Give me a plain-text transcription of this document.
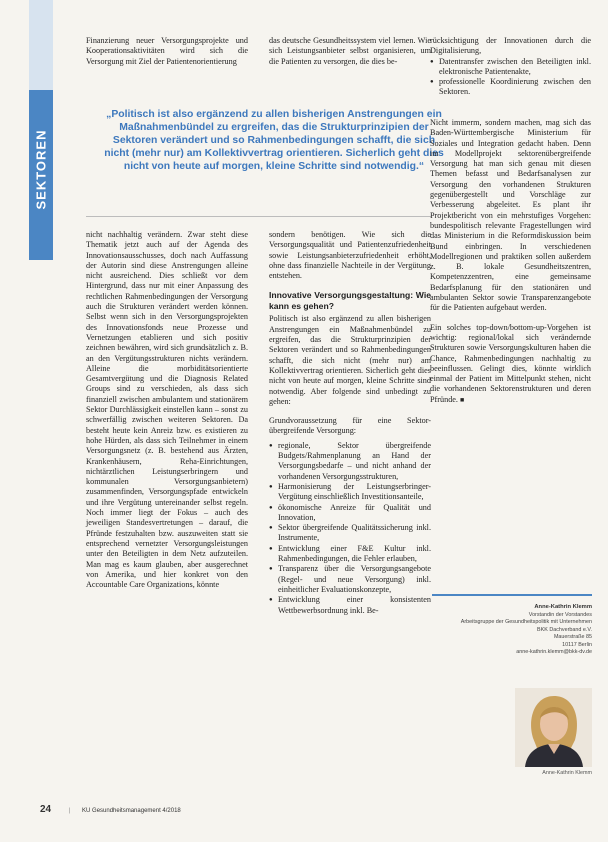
SEKTOREN

Finanzierung neuer Versorgungsprojekte und Kooperationsaktivitäten wird sich die Versorgung mit Ziel der Patientenorientierung

das deutsche Gesundheitssystem viel lernen. Wie sich Leistungsanbieter selbst organisieren, um die Patienten zu versorgen, die dies be-

rücksichtigung der Innovationen durch die Digitalisierung,

● Datentransfer zwischen den Beteiligten inkl. elektronische Patientenakte,
● professionelle Koordinierung zwischen den Sektoren.
„Politisch ist also ergänzend zu allen bisherigen Anstrengungen ein Maßnahmenbündel zu ergreifen, das die Strukturprinzipien der Sektoren verändert und so Rahmenbedingungen schafft, die sich nicht (mehr nur) am Kollektivvertrag orientieren. Sicherlich geht dies nicht von heute auf morgen, kleine Schritte sind notwendig.“

nicht nachhaltig verändern. Zwar steht diese Thematik jetzt auch auf der Agenda des Innovationsausschusses, doch nach Auffassung der Autorin sind diese Anstrengungen alleine nicht ausreichend. Dies schließt vor dem Hintergrund, dass nur mit einer Anpassung des rechtlichen Rahmenbedingungen der Versorgung auch die Strukturen verändert werden können. Selbst wenn sich in den Versorgungsprojekten des Innovationsfonds neue Prozesse und Vernetzungen etablieren und sich positiv zeichnen bewähren, wird sich grundsätzlich z. B. an den Vergütungsstrukturen nichts verändern. Alleine die morbiditätsorientierte Gesamtvergütung und die Diagnosis Related Groups sind zu verschieden, als dass sich finanziell zwischen ambulantem und stationärem Sektor Durchlässigkeit einstellen kann – sonst zu schwerfällig zwischen weiteren Sektoren. Da besteht heute kein Anreiz bzw. es existieren zu hohe Hürden, als dass sich Teilnehmer in einem Versorgungsnetz (z. B. bestehend aus Ärzten, Krankenhäusern, Reha-Einrichtungen, nichtärztlichen Leistungserbringern und kommunalen Versorgungsanbietern) zusammenfinden, Versorgungspfade entwickeln und ihre Vergütung untereinander selbst regeln. Noch immer liegt der Fokus – auch des jeweiligen Standesvertretungen – darauf, die Pfründe festzuhalten bzw. auszuweiten statt sie entsprechend vernetzter Versorgungsleistungen unter den Beteiligten in dem Netz aufzuteilen. Man mag es kaum glauben, aber ausgerechnet von Amerika, und hier konkret von den Accountable Care Organizations, könnte

sondern benötigen. Wie sich die Versorgungsqualität und Patientenzufriedenheit sowie Leistungsanbieterzufriedenheit erhöht, ohne dass finanzielle Nachteile in der Vergütung entstehen.

Innovative Versorgungsgestaltung: Wie kann es gehen?

Politisch ist also ergänzend zu allen bisherigen Anstrengungen ein Maßnahmenbündel zu ergreifen, das die Strukturprinzipien der Sektoren verändert und so Rahmenbedingungen schafft, die sich nicht (mehr nur) am Kollektivvertrag orientieren. Sicherlich geht dies nicht von heute auf morgen, kleine Schritte sind notwendig. Aber folgende sind unbedingt zu gehen:

Grundvoraussetzung für eine Sektor-übergreifende Versorgung:

● regionale, Sektor übergreifende Budgets/Rahmenplanung an Hand der Versorgungsbedarfe – und nicht anhand der vorhandenen Versorgungsstrukturen,
● Harmonisierung der Leistungserbringer-Vergütung einschließlich Investitionsanteile,
● ökonomische Anreize für Qualität und Innovation,
● Sektor übergreifende Qualitätssicherung inkl. Instrumente,
● Entwicklung einer F&E Kultur inkl. Rahmenbedingungen, die Fehler erlauben,
● Transparenz über die Versorgungsangebote (Regel- und neue Versorgung) inkl. einheitlicher Evaluationskonzepte,
● Entwicklung einer konsistenten Wettbewerbsordnung inkl. Be-

Nicht immerm, sondern machen, mag sich das Baden-Württembergische Ministerium für Soziales und Integration gedacht haben. Denn im Modellprojekt sektorenübergreifende Versorgung hat man sich genau mit diesen Themen befasst und Bedarfsanalysen zur Versorgung den vorhandenen Strukturen gegenübergestellt und Vorschläge zur Verbesserung abgeleitet. Es plant ihr Projektbericht von ein mehrstufiges Vorgehen: bundespolitisch relevante Fragestellungen wird das Ministerium in die Reformdiskussion beim Bund einbringen. In verschiedenen Modellregionen und praktiken sollen außerdem z. B. lokale Gesundheitszentren, Kompetenzzentren, eine gemeinsame Bedarfsplanung für den stationären und ambulanten Sektor sowie Transparenzangebote für die Patienten aufgebaut werden.

Ein solches top-down/bottom-up-Vorgehen ist wichtig: regional/lokal sich verändernde Strukturen sowie Versorgungskulturen haben die Chance, Rahmenbedingungen nachhaltig zu beeinflussen. Gelingt dies, könnte wirklich einmal der Patient im Mittelpunkt stehen, nicht die vorhandenen Sektorenstrukturen und deren Pfründe. ■

Anne-Kathrin Klemm
Vorstandin der Vorstandes
Arbeitsgruppe der Gesundheitspolitik mit Unternehmen
BKK Dachverband e.V.
Mauerstraße 85
10117 Berlin
anne-kathrin.klemm@bkk-dv.de
Anne-Kathrin Klemm
24	| KU Gesundheitsmanagement 4/2018
